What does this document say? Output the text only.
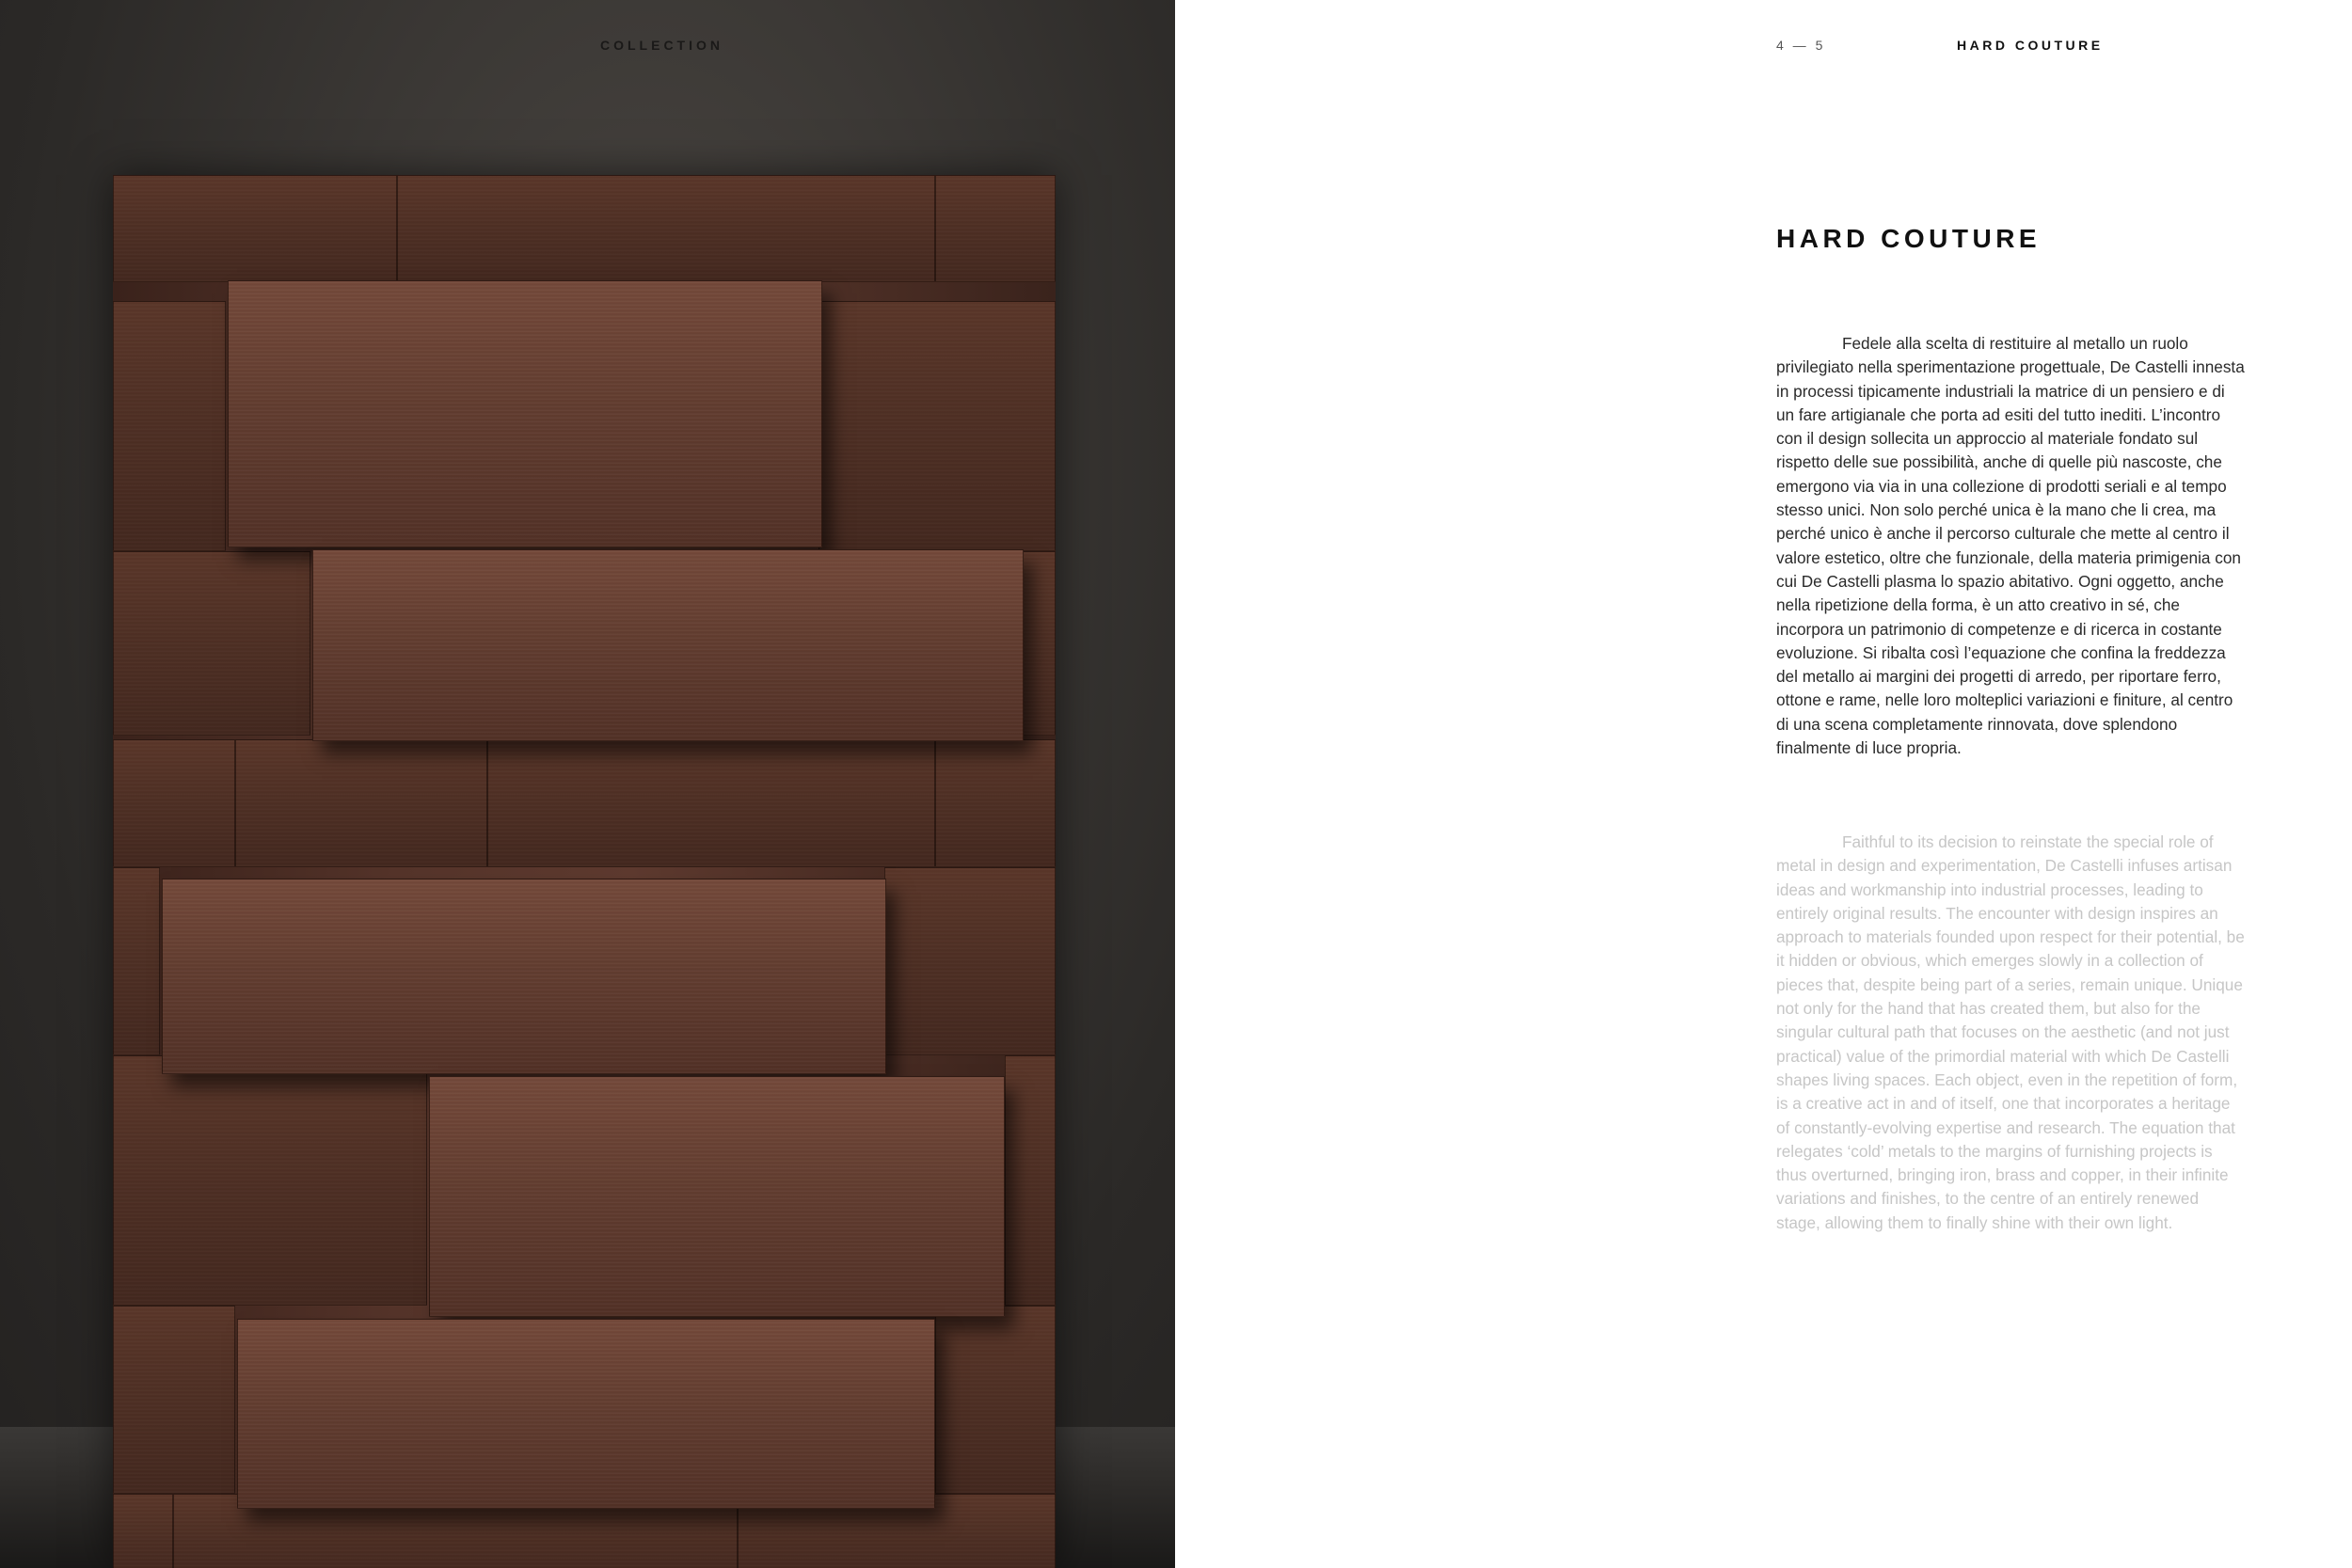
COLLECTION	4 — 5	HARD COUTURE
HARD COUTURE

Fedele alla scelta di restituire al metallo un ruolo privilegiato nella sperimentazione progettuale, De Castelli innesta in processi tipicamente industriali la matrice di un pensiero e di un fare artigianale che porta ad esiti del tutto inediti. L’incontro con il design sollecita un approccio al materiale fondato sul rispetto delle sue possibilità, anche di quelle più nascoste, che emergono via via in una collezione di prodotti seriali e al tempo stesso unici. Non solo perché unica è la mano che li crea, ma perché unico è anche il percorso culturale che mette al centro il valore estetico, oltre che funzionale, della materia primigenia con cui De Castelli plasma lo spazio abitativo. Ogni oggetto, anche nella ripetizione della forma, è un atto creativo in sé, che incorpora un patrimonio di competenze e di ricerca in costante evoluzione. Si ribalta così l’equazione che confina la freddezza del metallo ai margini dei progetti di arredo, per riportare ferro, ottone e rame, nelle loro molteplici variazioni e finiture, al centro di una scena completamente rinnovata, dove splendono finalmente di luce propria.

Faithful to its decision to reinstate the special role of metal in design and experimentation, De Castelli infuses artisan ideas and workmanship into industrial processes, leading to entirely original results. The encounter with design inspires an approach to materials founded upon respect for their potential, be it hidden or obvious, which emerges slowly in a collection of pieces that, despite being part of a series, remain unique. Unique not only for the hand that has created them, but also for the singular cultural path that focuses on the aesthetic (and not just practical) value of the primordial material with which De Castelli shapes living spaces. Each object, even in the repetition of form, is a creative act in and of itself, one that incorporates a heritage of constantly-evolving expertise and research. The equation that relegates ‘cold’ metals to the margins of furnishing projects is thus overturned, bringing iron, brass and copper, in their infinite variations and finishes, to the centre of an entirely renewed stage, allowing them to finally shine with their own light.
